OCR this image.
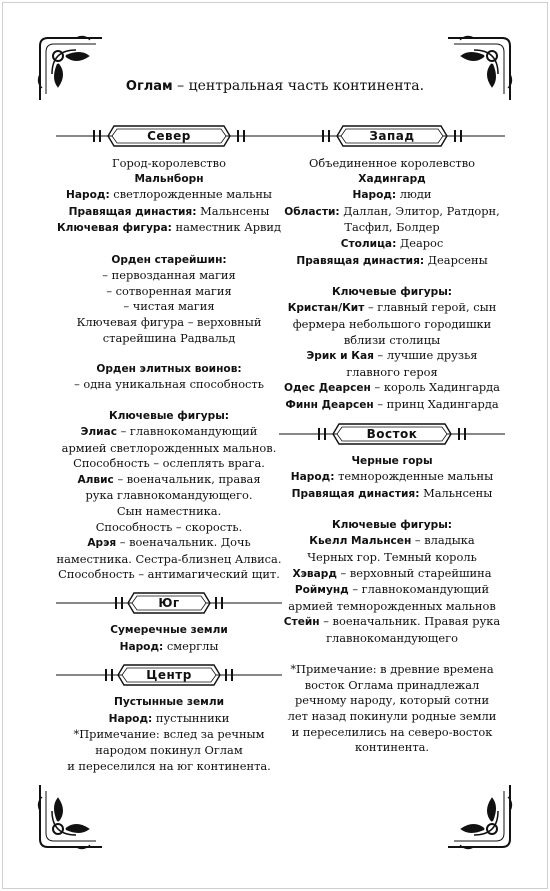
Оглам – центральная часть континента.
Север
Город-королевство
Мальнборн
Народ: светлорожденные мальны
Правящая династия: Мальнсены
Ключевая фигура: наместник Арвид
Орден старейшин:
– первозданная магия
– сотворенная магия
– чистая магия
Ключевая фигура – верховный
старейшина Радвальд
Орден элитных воинов:
– одна уникальная способность
Ключевые фигуры:
Элиас – главнокомандующий
армией светлорожденных мальнов.
Способность – ослеплять врага.
Алвис – военачальник, правая
рука главнокомандующего.
Сын наместника.
Способность – скорость.
Арэя – военачальник. Дочь
наместника. Сестра-близнец Алвиса.
Способность – антимагический щит.
Юг
Сумеречные земли
Народ: смерглы
Центр
Пустынные земли
Народ: пустынники
*Примечание: вслед за речным
народом покинул Оглам
и переселился на юг континента.
Запад
Объединенное королевство
Хадингард
Народ: люди
Области: Даллан, Элитор, Ратдорн,
Тасфил, Болдер
Столица: Деарос
Правящая династия: Деарсены
Ключевые фигуры:
Кристан/Кит – главный герой, сын
фермера небольшого городишки
вблизи столицы
Эрик и Кая – лучшие друзья
главного героя
Одес Деарсен – король Хадингарда
Финн Деарсен – принц Хадингарда
Восток
Черные горы
Народ: темнорожденные мальны
Правящая династия: Мальнсены
Ключевые фигуры:
Кьелл Мальнсен – владыка
Черных гор. Темный король
Хэвард – верховный старейшина
Роймунд – главнокомандующий
армией темнорожденных мальнов
Стейн – военачальник. Правая рука
главнокомандующего
*Примечание: в древние времена
восток Оглама принадлежал
речному народу, который сотни
лет назад покинули родные земли
и переселились на северо-восток
континента.
